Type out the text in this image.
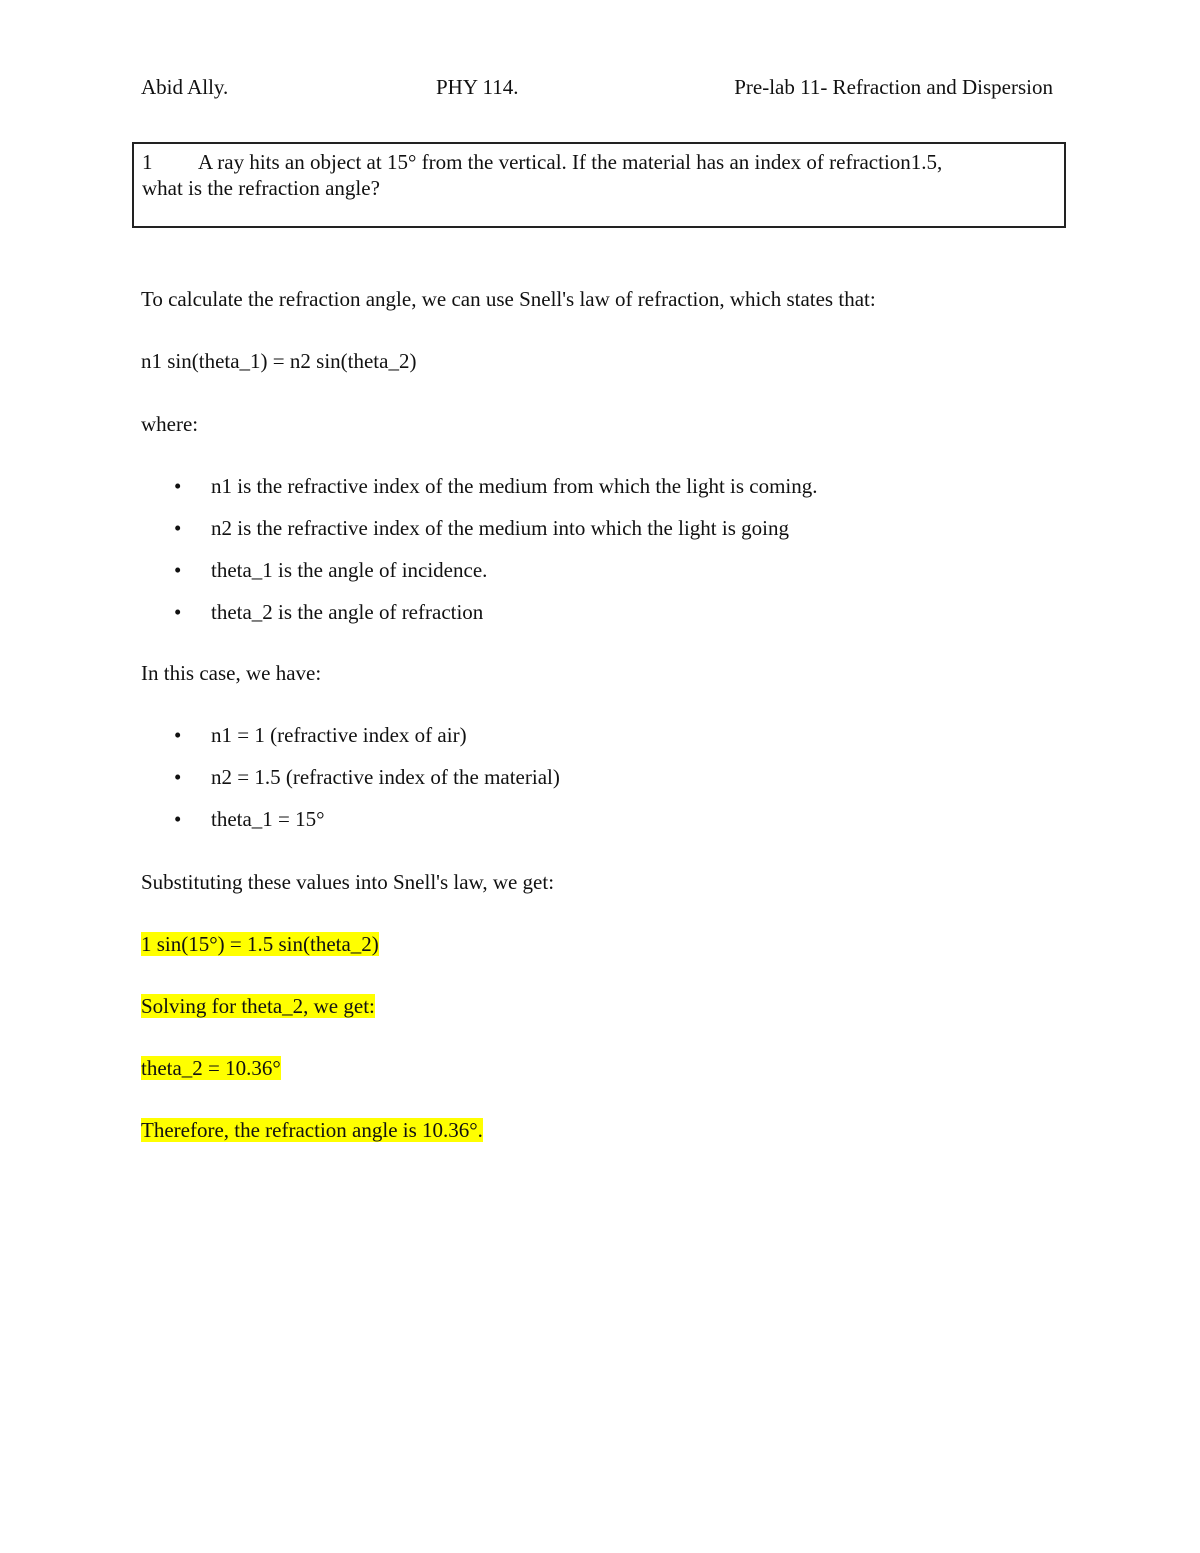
Abid Ally.	PHY 114.	Pre-lab 11- Refraction and Dispersion
1 A ray hits an object at 15° from the vertical. If the material has an index of refraction1.5,
what is the refraction angle?
To calculate the refraction angle, we can use Snell's law of refraction, which states that:
n1 sin(theta_1) = n2 sin(theta_2)
where:
• n1 is the refractive index of the medium from which the light is coming.
• n2 is the refractive index of the medium into which the light is going
• theta_1 is the angle of incidence.
• theta_2 is the angle of refraction
In this case, we have:
• n1 = 1 (refractive index of air)
• n2 = 1.5 (refractive index of the material)
• theta_1 = 15°
Substituting these values into Snell's law, we get:
1 sin(15°) = 1.5 sin(theta_2)
Solving for theta_2, we get:
theta_2 = 10.36°
Therefore, the refraction angle is 10.36°.
